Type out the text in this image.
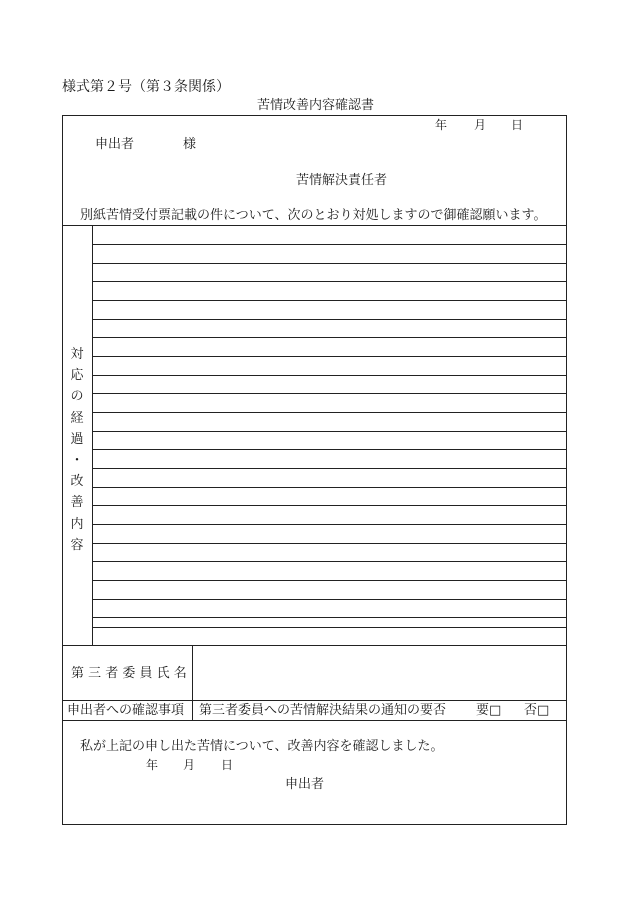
様式第２号（第３条関係）
苦情改善内容確認書
年 月 日
申出者	様
苦情解決責任者
別紙苦情受付票記載の件について、次のとおり対処しますので御確認願います。
対
応
の
経
過
・
改
善
内
容
第 三 者 委 員 氏 名
申出者への確認事項 第三者委員への苦情解決結果の通知の要否 要□ 否□
私が上記の申し出た苦情について、改善内容を確認しました。
年 月 日
申出者
